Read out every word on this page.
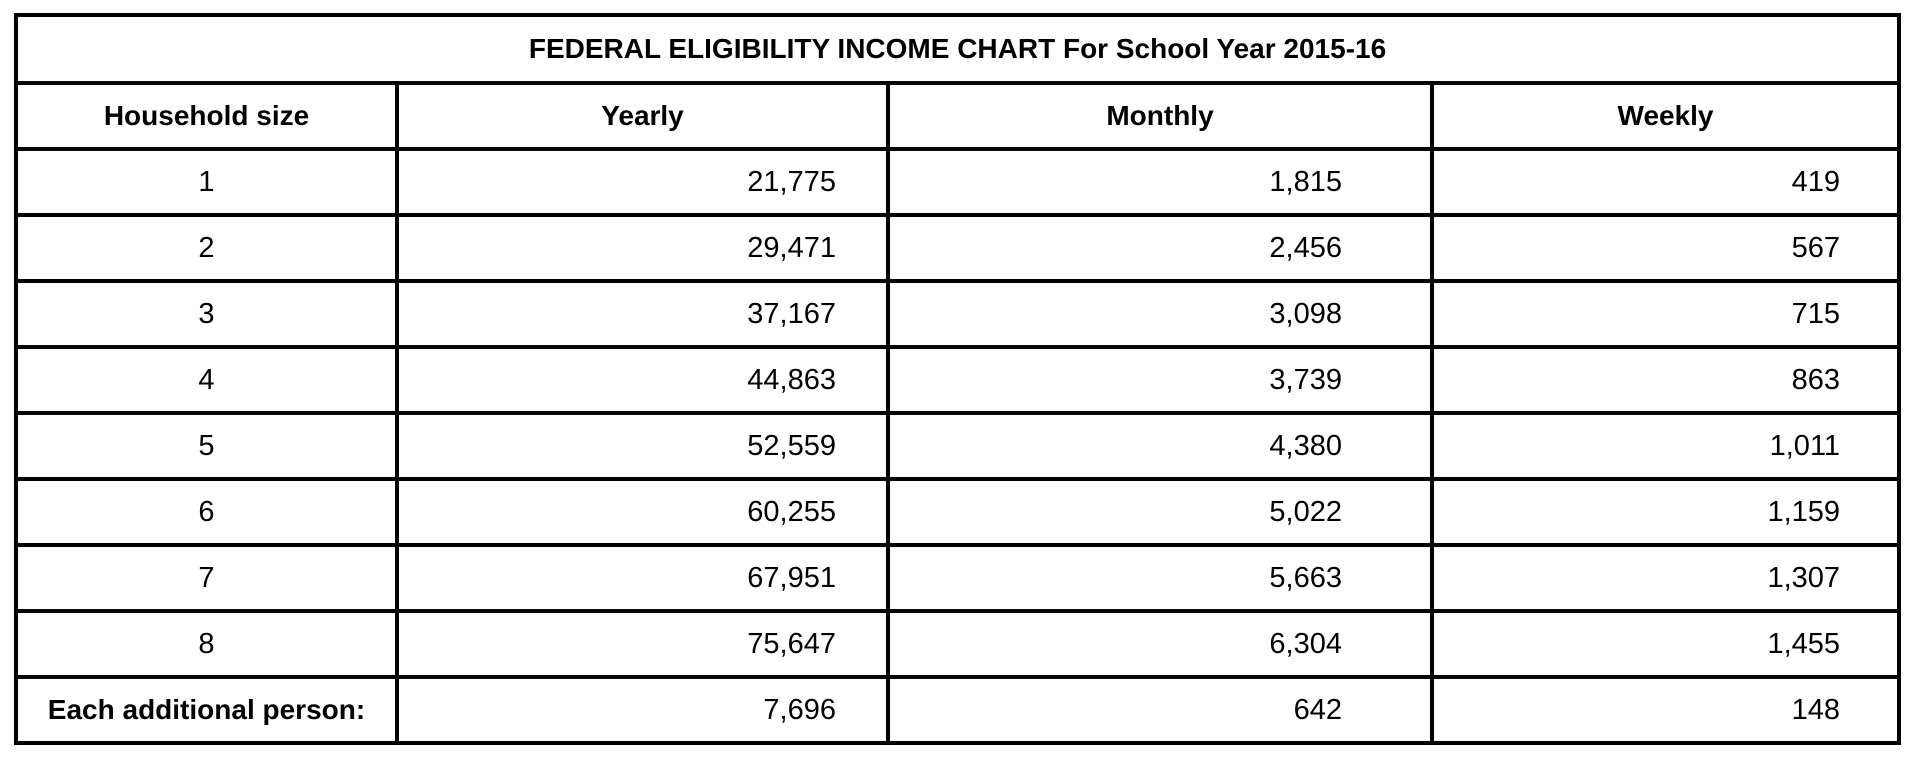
FEDERAL ELIGIBILITY INCOME CHART For School Year 2015-16			
Household size	Yearly	Monthly	Weekly
1	21,775	1,815	419
2	29,471	2,456	567
3	37,167	3,098	715
4	44,863	3,739	863
5	52,559	4,380	1,011
6	60,255	5,022	1,159
7	67,951	5,663	1,307
8	75,647	6,304	1,455
Each additional person:	7,696	642	148
